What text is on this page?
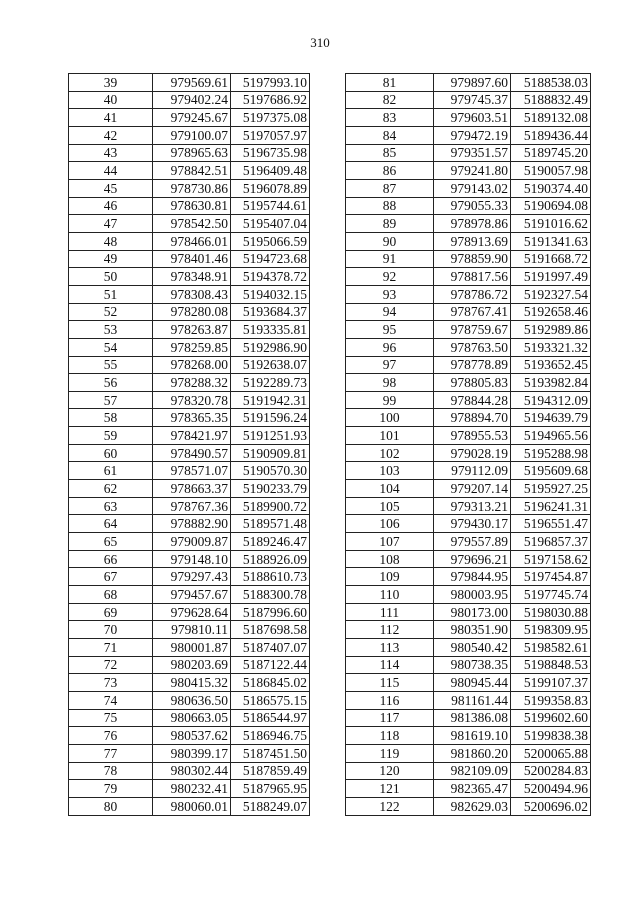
310
39	979569.61	5197993.10
40	979402.24	5197686.92
41	979245.67	5197375.08
42	979100.07	5197057.97
43	978965.63	5196735.98
44	978842.51	5196409.48
45	978730.86	5196078.89
46	978630.81	5195744.61
47	978542.50	5195407.04
48	978466.01	5195066.59
49	978401.46	5194723.68
50	978348.91	5194378.72
51	978308.43	5194032.15
52	978280.08	5193684.37
53	978263.87	5193335.81
54	978259.85	5192986.90
55	978268.00	5192638.07
56	978288.32	5192289.73
57	978320.78	5191942.31
58	978365.35	5191596.24
59	978421.97	5191251.93
60	978490.57	5190909.81
61	978571.07	5190570.30
62	978663.37	5190233.79
63	978767.36	5189900.72
64	978882.90	5189571.48
65	979009.87	5189246.47
66	979148.10	5188926.09
67	979297.43	5188610.73
68	979457.67	5188300.78
69	979628.64	5187996.60
70	979810.11	5187698.58
71	980001.87	5187407.07
72	980203.69	5187122.44
73	980415.32	5186845.02
74	980636.50	5186575.15
75	980663.05	5186544.97
76	980537.62	5186946.75
77	980399.17	5187451.50
78	980302.44	5187859.49
79	980232.41	5187965.95
80	980060.01	5188249.07
81	979897.60	5188538.03
82	979745.37	5188832.49
83	979603.51	5189132.08
84	979472.19	5189436.44
85	979351.57	5189745.20
86	979241.80	5190057.98
87	979143.02	5190374.40
88	979055.33	5190694.08
89	978978.86	5191016.62
90	978913.69	5191341.63
91	978859.90	5191668.72
92	978817.56	5191997.49
93	978786.72	5192327.54
94	978767.41	5192658.46
95	978759.67	5192989.86
96	978763.50	5193321.32
97	978778.89	5193652.45
98	978805.83	5193982.84
99	978844.28	5194312.09
100	978894.70	5194639.79
101	978955.53	5194965.56
102	979028.19	5195288.98
103	979112.09	5195609.68
104	979207.14	5195927.25
105	979313.21	5196241.31
106	979430.17	5196551.47
107	979557.89	5196857.37
108	979696.21	5197158.62
109	979844.95	5197454.87
110	980003.95	5197745.74
111	980173.00	5198030.88
112	980351.90	5198309.95
113	980540.42	5198582.61
114	980738.35	5198848.53
115	980945.44	5199107.37
116	981161.44	5199358.83
117	981386.08	5199602.60
118	981619.10	5199838.38
119	981860.20	5200065.88
120	982109.09	5200284.83
121	982365.47	5200494.96
122	982629.03	5200696.02
